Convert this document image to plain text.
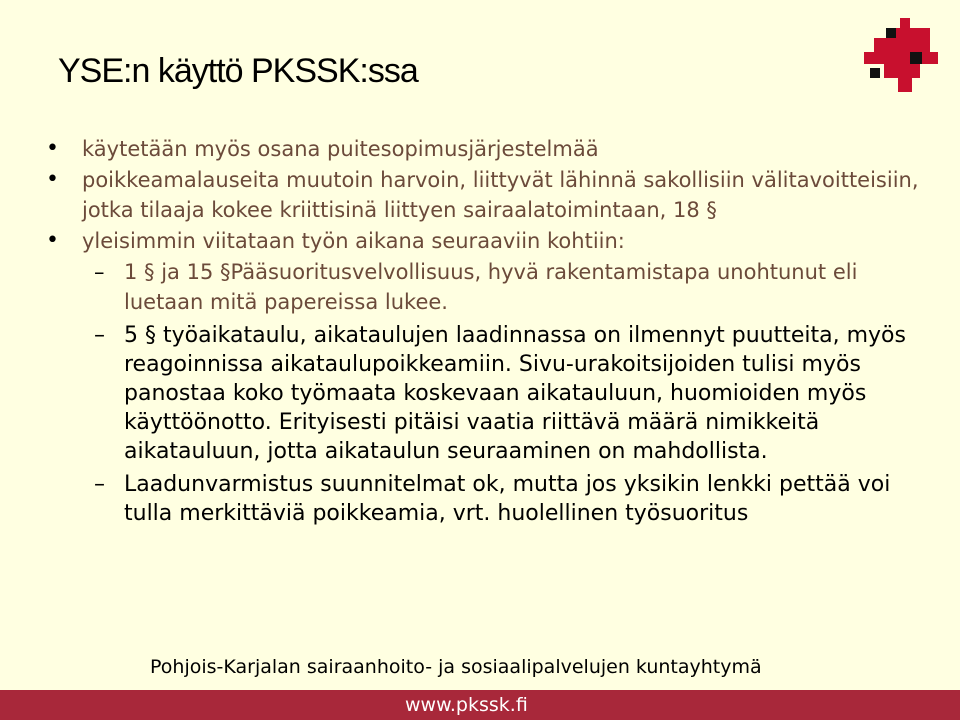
YSE:n käyttö PKSSK:ssa
• käytetään myös osana puitesopimusjärjestelmää
• poikkeamalauseita muutoin harvoin, liittyvät lähinnä sakollisiin välitavoitteisiin, jotka tilaaja kokee kriittisinä liittyen sairaalatoimintaan, 18 §
• yleisimmin viitataan työn aikana seuraaviin kohtiin:
– 1 § ja 15 §Pääsuoritusvelvollisuus, hyvä rakentamistapa unohtunut eli luetaan mitä papereissa lukee.
– 5 § työaikataulu, aikataulujen laadinnassa on ilmennyt puutteita, myös reagoinnissa aikataulupoikkeamiin. Sivu-urakoitsijoiden tulisi myös panostaa koko työmaata koskevaan aikatauluun, huomioiden myös käyttöönotto. Erityisesti pitäisi vaatia riittävä määrä nimikkeitä aikatauluun, jotta aikataulun seuraaminen on mahdollista.
– Laadunvarmistus suunnitelmat ok, mutta jos yksikin lenkki pettää voi tulla merkittäviä poikkeamia, vrt. huolellinen työsuoritus
Pohjois-Karjalan sairaanhoito- ja sosiaalipalvelujen kuntayhtymä
www.pkssk.fi
